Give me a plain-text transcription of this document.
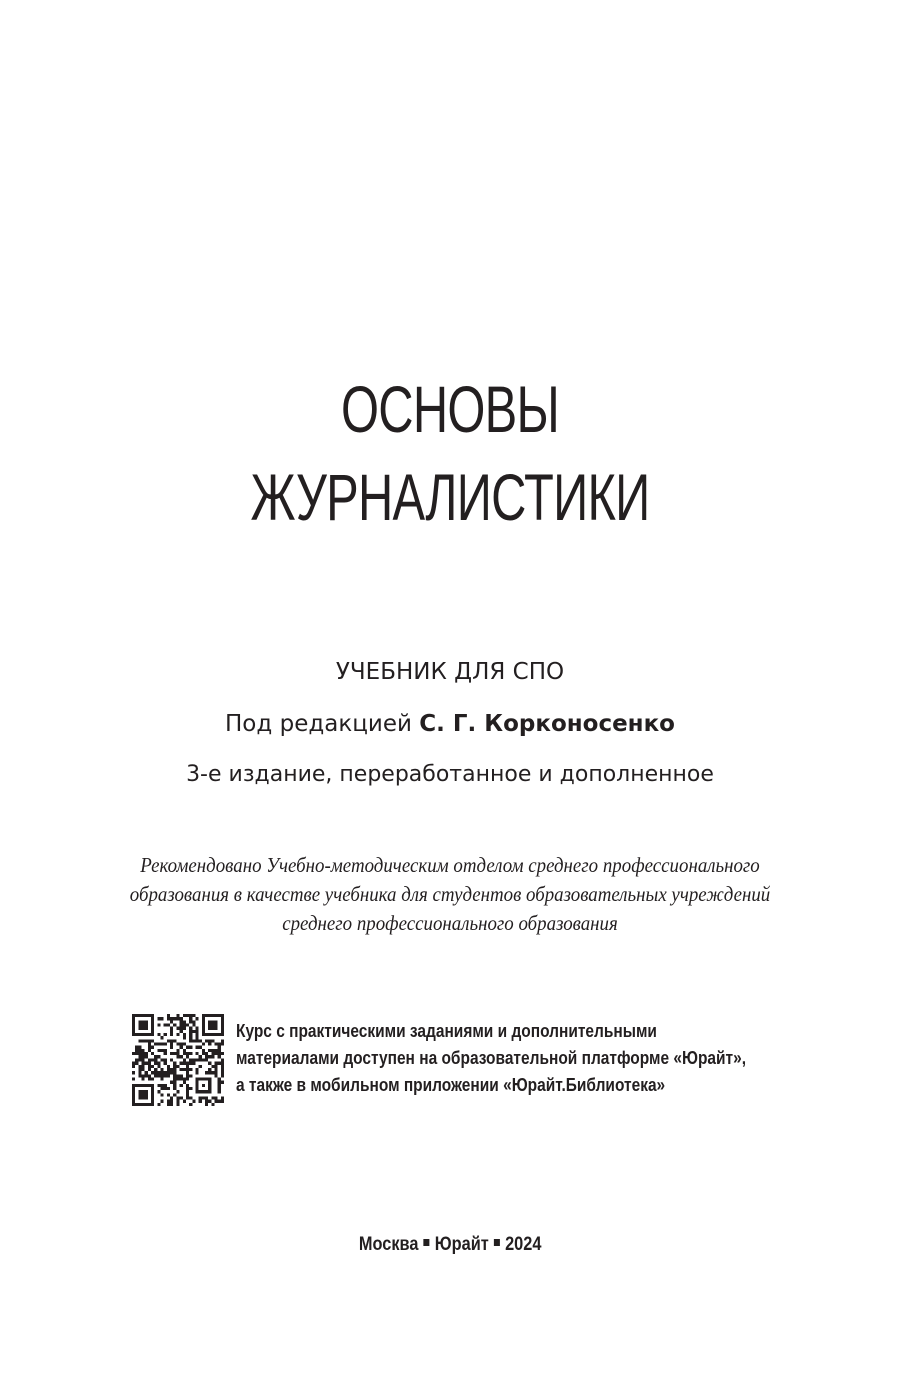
ОСНОВЫ
ЖУРНАЛИСТИКИ
УЧЕБНИК ДЛЯ СПО
Под редакцией С. Г. Корконосенко
3-е издание, переработанное и дополненное
Рекомендовано Учебно-методическим отделом среднего профессионального
образования в качестве учебника для студентов образовательных учреждений
среднего профессионального образования
Курс с практическими заданиями и дополнительными
материалами доступен на образовательной платформе «Юрайт»,
а также в мобильном приложении «Юрайт.Библиотека»
Москва Юрайт 2024
